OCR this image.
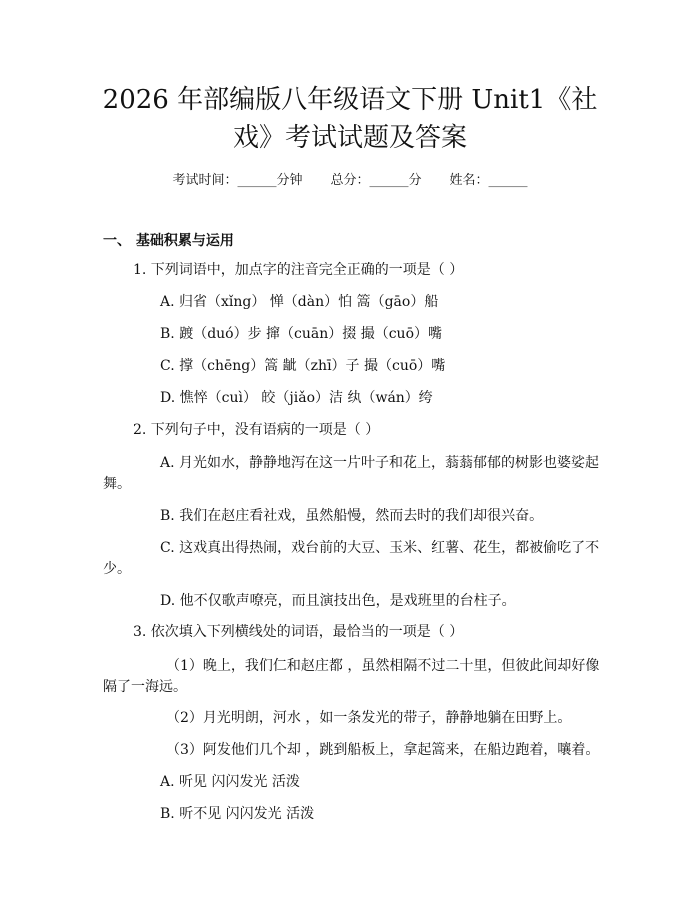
2026 年部编版八年级语文下册 Unit1《社
戏》考试试题及答案
考试时间：______分钟 总分：______分 姓名：______
一、 基础积累与运用
1. 下列词语中，加点字的注音完全正确的一项是（ ）
A. 归省（xǐng） 惮（dàn）怕 篙（gāo）船
B. 踱（duó）步 撺（cuān）掇 撮（cuō）嘴
C. 撑（chēng）篙 龇（zhī）子 撮（cuō）嘴
D. 憔悴（cuì） 皎（jiǎo）洁 纨（wán）绔
2. 下列句子中，没有语病的一项是（ ）
A. 月光如水，静静地泻在这一片叶子和花上，蓊蓊郁郁的树影也婆娑起
舞。
B. 我们在赵庄看社戏，虽然船慢，然而去时的我们却很兴奋。
C. 这戏真出得热闹，戏台前的大豆、玉米、红薯、花生，都被偷吃了不
少。
D. 他不仅歌声嘹亮，而且演技出色，是戏班里的台柱子。
3. 依次填入下列横线处的词语，最恰当的一项是（ ）
（1）晚上，我们仁和赵庄都 ，虽然相隔不过二十里，但彼此间却好像
隔了一海远。
（2）月光明朗，河水 ，如一条发光的带子，静静地躺在田野上。
（3）阿发他们几个却 ，跳到船板上，拿起篙来，在船边跑着，嚷着。
A. 听见 闪闪发光 活泼
B. 听不见 闪闪发光 活泼
